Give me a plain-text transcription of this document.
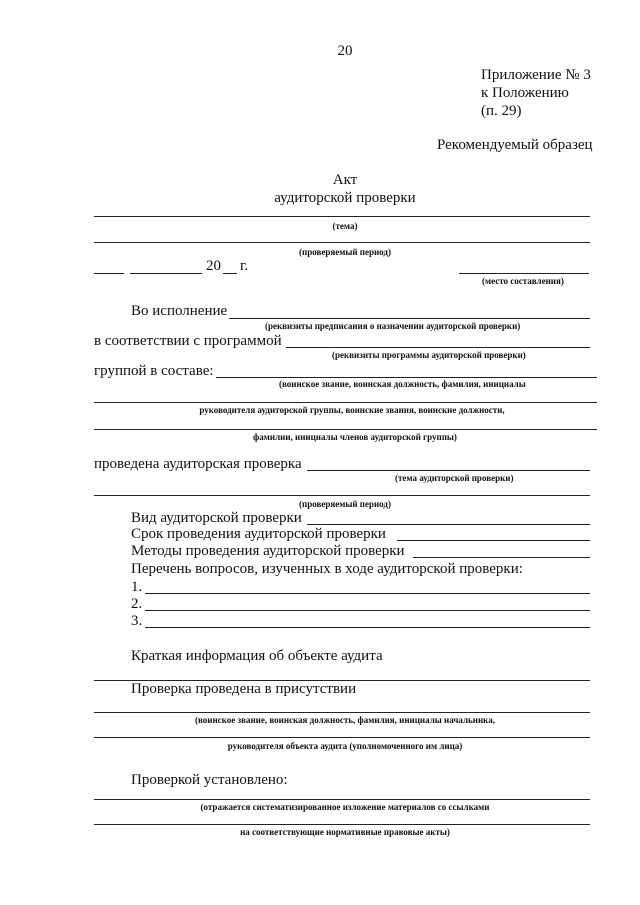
20
Приложение № 3
к Положению
(п. 29)
Рекомендуемый образец
Акт
аудиторской проверки
(тема)
(проверяемый период)
20 г.
(место составления)
Во исполнение
(реквизиты предписания о назначении аудиторской проверки)
в соответствии с программой
(реквизиты программы аудиторской проверки)
группой в составе:
(воинское звание, воинская должность, фамилия, инициалы
руководителя аудиторской группы, воинские звания, воинские должности,
фамилии, инициалы членов аудиторской группы)
проведена аудиторская проверка
(тема аудиторской проверки)
(проверяемый период)
Вид аудиторской проверки
Срок проведения аудиторской проверки
Методы проведения аудиторской проверки
Перечень вопросов, изученных в ходе аудиторской проверки:
1.
2.
3.
Краткая информация об объекте аудита
Проверка проведена в присутствии
(воинское звание, воинская должность, фамилия, инициалы начальника,
руководителя объекта аудита (уполномоченного им лица)
Проверкой установлено:
(отражается систематизированное изложение материалов со ссылками
на соответствующие нормативные правовые акты)
